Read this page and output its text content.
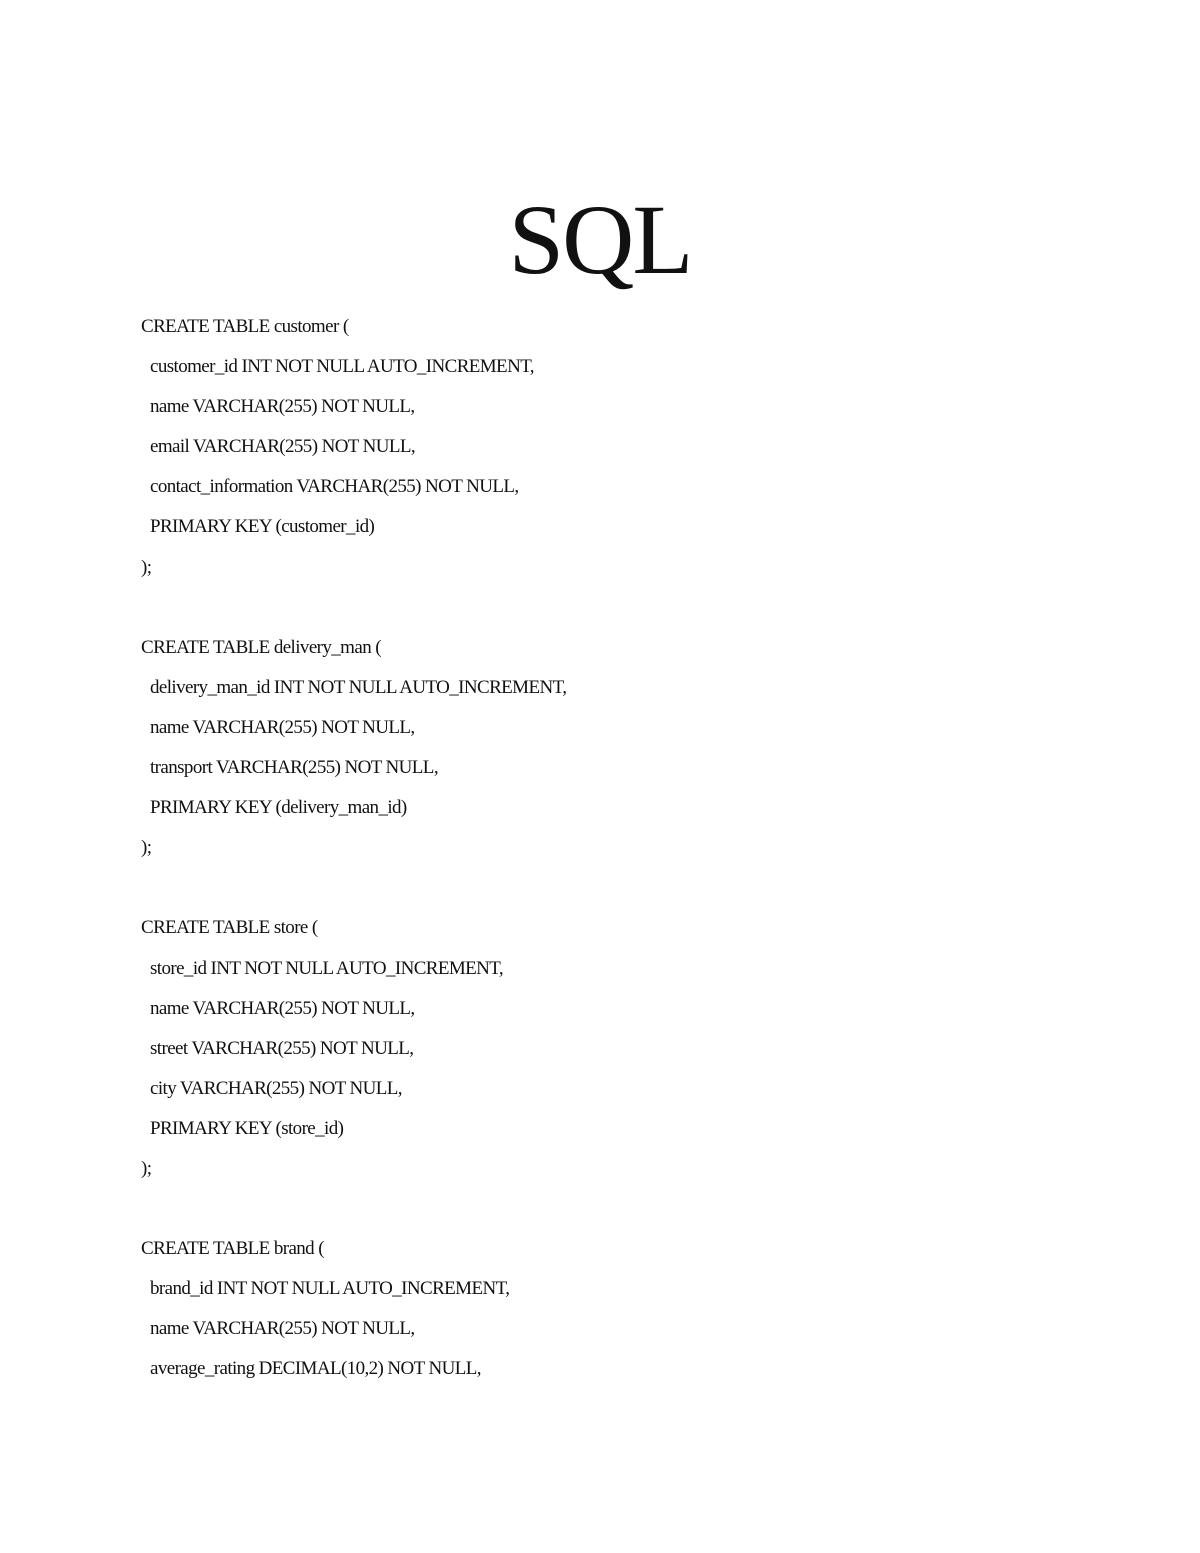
SQL
CREATE TABLE customer (
customer_id INT NOT NULL AUTO_INCREMENT,
name VARCHAR(255) NOT NULL,
email VARCHAR(255) NOT NULL,
contact_information VARCHAR(255) NOT NULL,
PRIMARY KEY (customer_id)
);
CREATE TABLE delivery_man (
delivery_man_id INT NOT NULL AUTO_INCREMENT,
name VARCHAR(255) NOT NULL,
transport VARCHAR(255) NOT NULL,
PRIMARY KEY (delivery_man_id)
);
CREATE TABLE store (
store_id INT NOT NULL AUTO_INCREMENT,
name VARCHAR(255) NOT NULL,
street VARCHAR(255) NOT NULL,
city VARCHAR(255) NOT NULL,
PRIMARY KEY (store_id)
);
CREATE TABLE brand (
brand_id INT NOT NULL AUTO_INCREMENT,
name VARCHAR(255) NOT NULL,
average_rating DECIMAL(10,2) NOT NULL,
